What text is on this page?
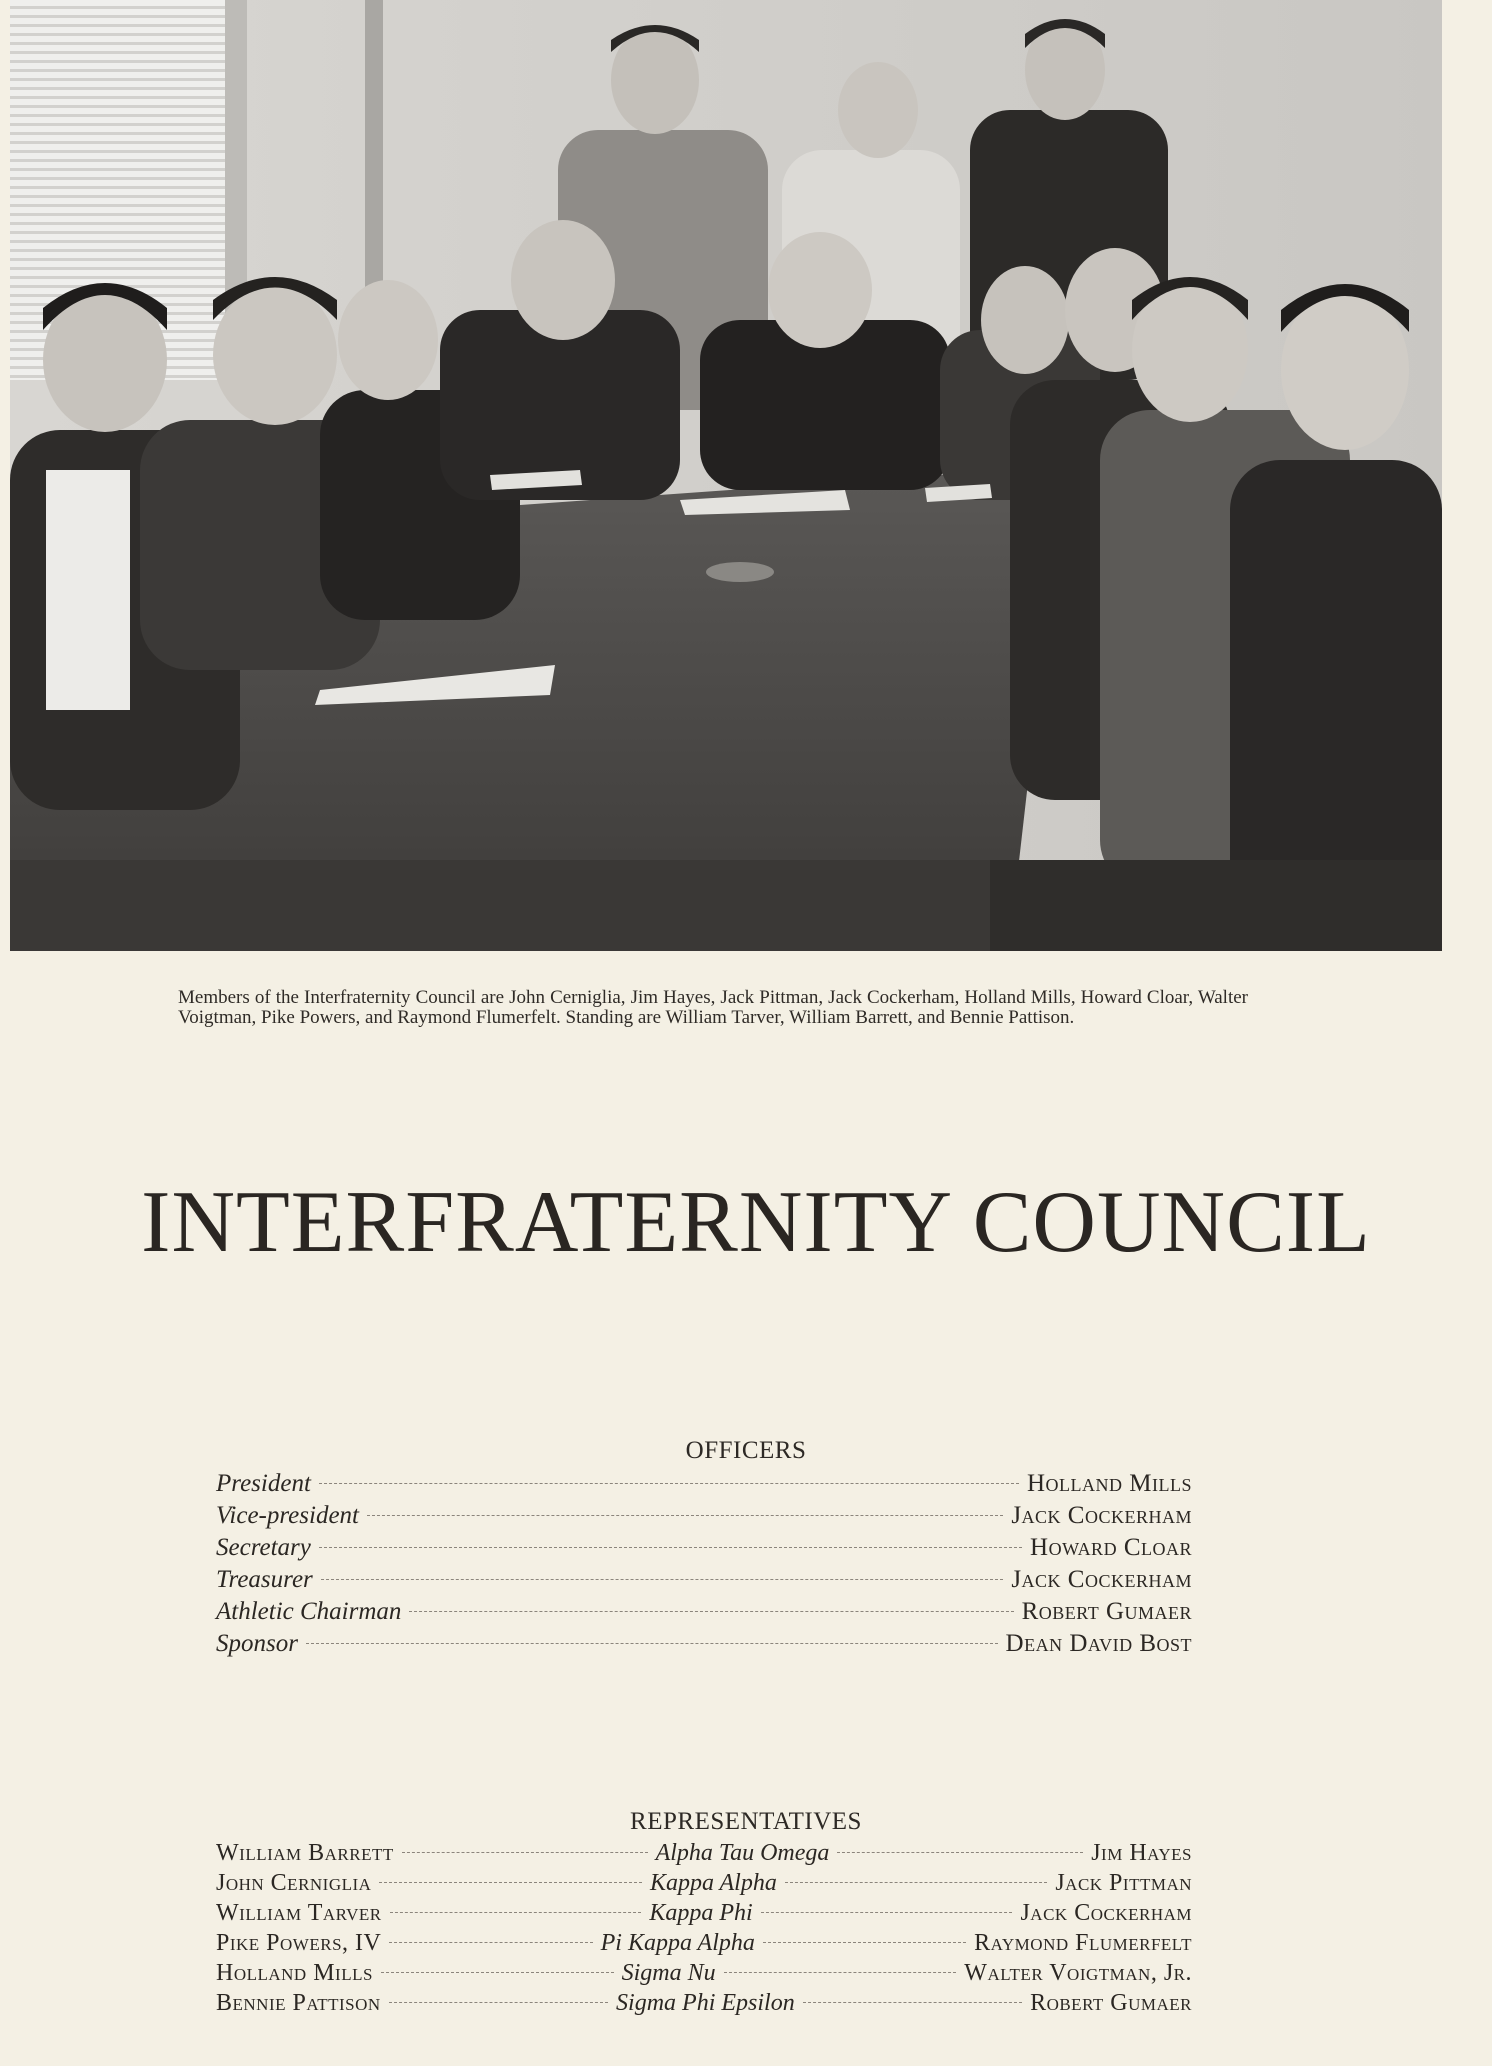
Members of the Interfraternity Council are John Cerniglia, Jim Hayes, Jack Pittman, Jack Cockerham, Holland Mills, Howard Cloar, Walter Voigtman, Pike Powers, and Raymond Flumerfelt. Standing are William Tarver, William Barrett, and Bennie Pattison.
INTERFRATERNITY COUNCIL
OFFICERS
President	Holland Mills
Vice-president	Jack Cockerham
Secretary	Howard Cloar
Treasurer	Jack Cockerham
Athletic Chairman	Robert Gumaer
Sponsor	Dean David Bost
REPRESENTATIVES
William Barrett	Alpha Tau Omega	Jim Hayes
John Cerniglia	Kappa Alpha	Jack Pittman
William Tarver	Kappa Phi	Jack Cockerham
Pike Powers, IV	Pi Kappa Alpha	Raymond Flumerfelt
Holland Mills	Sigma Nu	Walter Voigtman, Jr.
Bennie Pattison	Sigma Phi Epsilon	Robert Gumaer
